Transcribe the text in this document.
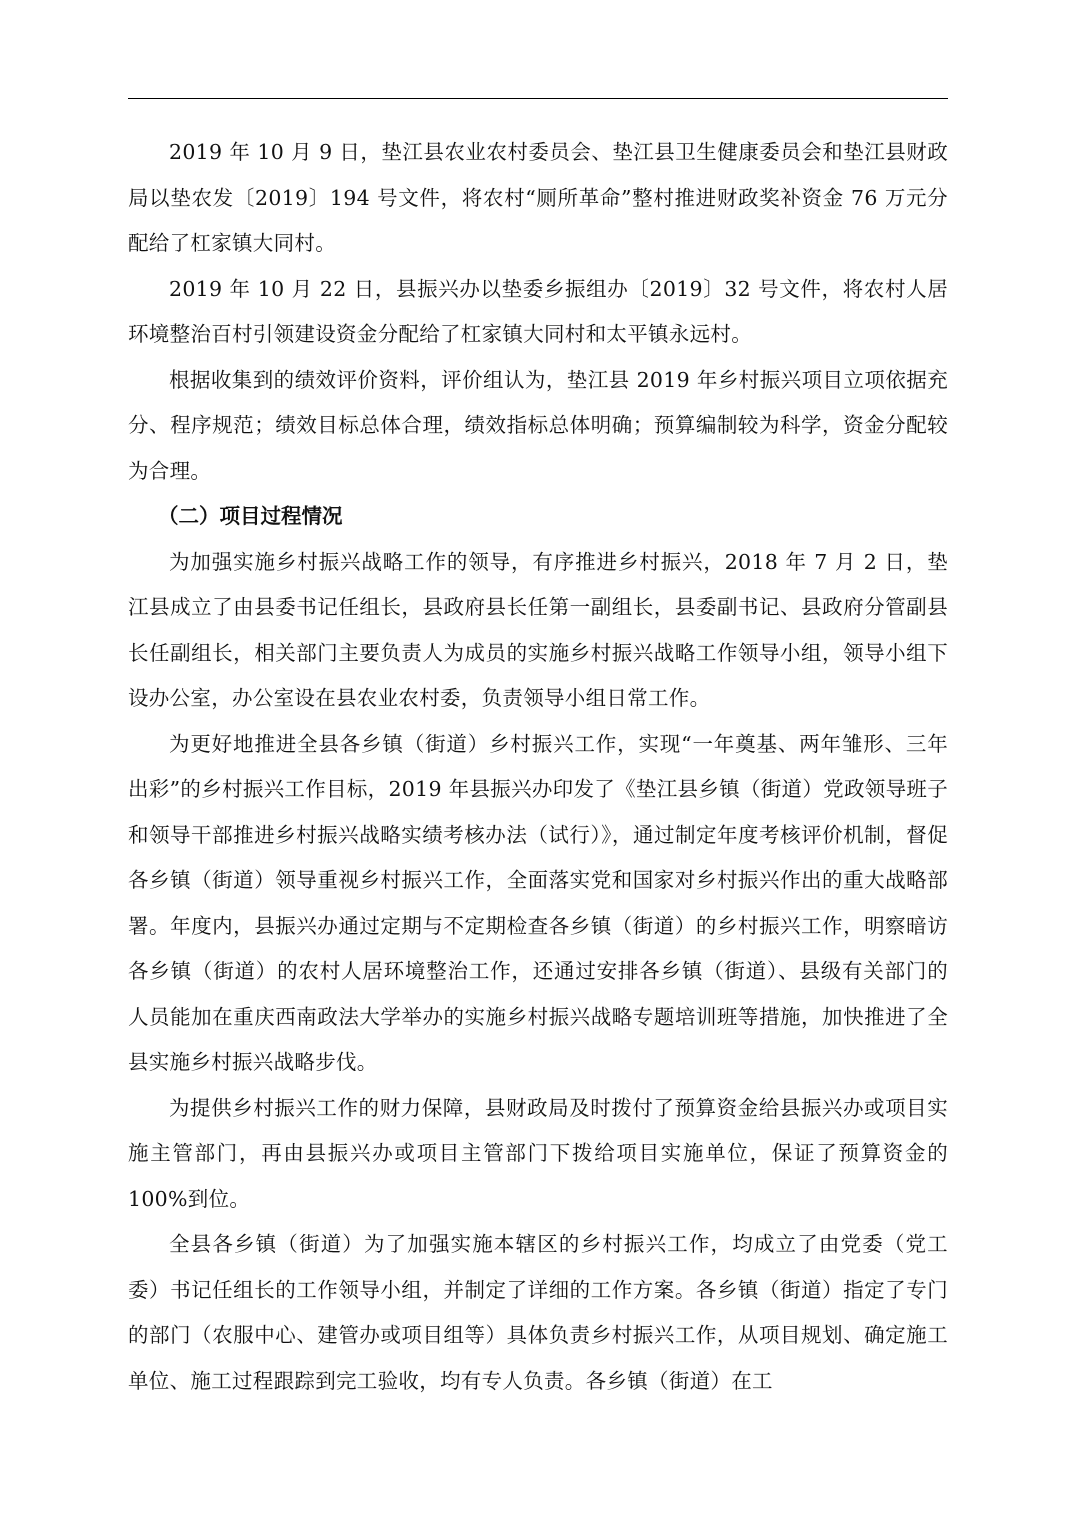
2019 年 10 月 9 日，垫江县农业农村委员会、垫江县卫生健康委员会和垫江县财政局以垫农发〔2019〕194 号文件，将农村“厕所革命”整村推进财政奖补资金 76 万元分配给了杠家镇大同村。

2019 年 10 月 22 日，县振兴办以垫委乡振组办〔2019〕32 号文件，将农村人居环境整治百村引领建设资金分配给了杠家镇大同村和太平镇永远村。

根据收集到的绩效评价资料，评价组认为，垫江县 2019 年乡村振兴项目立项依据充分、程序规范；绩效目标总体合理，绩效指标总体明确；预算编制较为科学，资金分配较为合理。

（二）项目过程情况

为加强实施乡村振兴战略工作的领导，有序推进乡村振兴，2018 年 7 月 2 日，垫江县成立了由县委书记任组长，县政府县长任第一副组长，县委副书记、县政府分管副县长任副组长，相关部门主要负责人为成员的实施乡村振兴战略工作领导小组，领导小组下设办公室，办公室设在县农业农村委，负责领导小组日常工作。

为更好地推进全县各乡镇（街道）乡村振兴工作，实现“一年奠基、两年雏形、三年出彩”的乡村振兴工作目标，2019 年县振兴办印发了《垫江县乡镇（街道）党政领导班子和领导干部推进乡村振兴战略实绩考核办法（试行）》，通过制定年度考核评价机制，督促各乡镇（街道）领导重视乡村振兴工作，全面落实党和国家对乡村振兴作出的重大战略部署。年度内，县振兴办通过定期与不定期检查各乡镇（街道）的乡村振兴工作，明察暗访各乡镇（街道）的农村人居环境整治工作，还通过安排各乡镇（街道）、县级有关部门的人员能加在重庆西南政法大学举办的实施乡村振兴战略专题培训班等措施，加快推进了全县实施乡村振兴战略步伐。

为提供乡村振兴工作的财力保障，县财政局及时拨付了预算资金给县振兴办或项目实施主管部门，再由县振兴办或项目主管部门下拨给项目实施单位，保证了预算资金的 100%到位。

全县各乡镇（街道）为了加强实施本辖区的乡村振兴工作，均成立了由党委（党工委）书记任组长的工作领导小组，并制定了详细的工作方案。各乡镇（街道）指定了专门的部门（农服中心、建管办或项目组等）具体负责乡村振兴工作，从项目规划、确定施工单位、施工过程跟踪到完工验收，均有专人负责。各乡镇（街道）在工
